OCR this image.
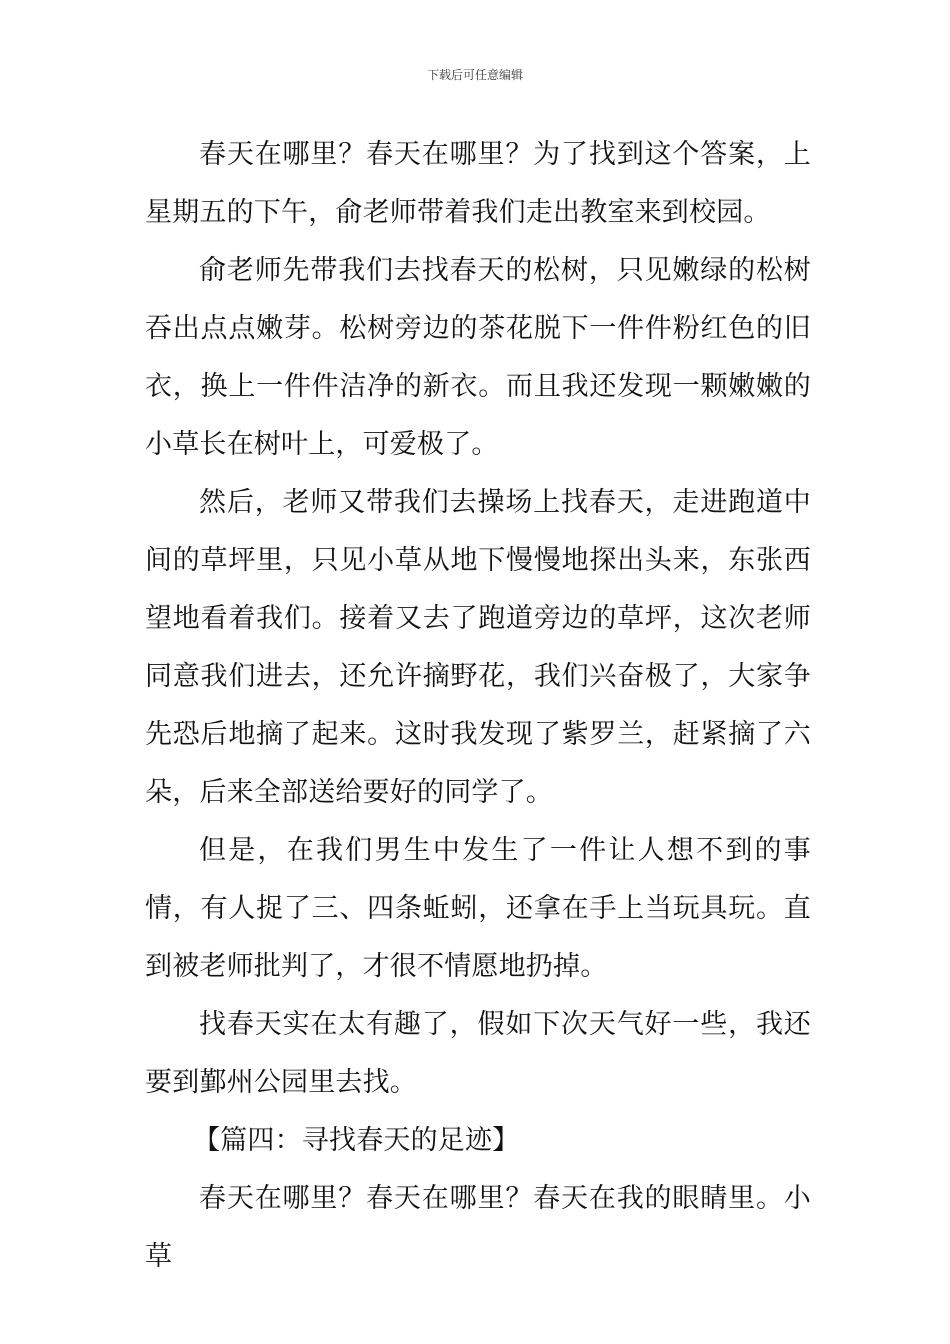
下载后可任意编辑

春天在哪里？春天在哪里？为了找到这个答案，上星期五的下午，俞老师带着我们走出教室来到校园。

俞老师先带我们去找春天的松树，只见嫩绿的松树吞出点点嫩芽。松树旁边的茶花脱下一件件粉红色的旧衣，换上一件件洁净的新衣。而且我还发现一颗嫩嫩的小草长在树叶上，可爱极了。

然后，老师又带我们去操场上找春天，走进跑道中间的草坪里，只见小草从地下慢慢地探出头来，东张西望地看着我们。接着又去了跑道旁边的草坪，这次老师同意我们进去，还允许摘野花，我们兴奋极了，大家争先恐后地摘了起来。这时我发现了紫罗兰，赶紧摘了六朵，后来全部送给要好的同学了。

但是，在我们男生中发生了一件让人想不到的事情，有人捉了三、四条蚯蚓，还拿在手上当玩具玩。直到被老师批判了，才很不情愿地扔掉。

找春天实在太有趣了，假如下次天气好一些，我还要到鄞州公园里去找。

【篇四：寻找春天的足迹】

春天在哪里？春天在哪里？春天在我的眼睛里。小草
